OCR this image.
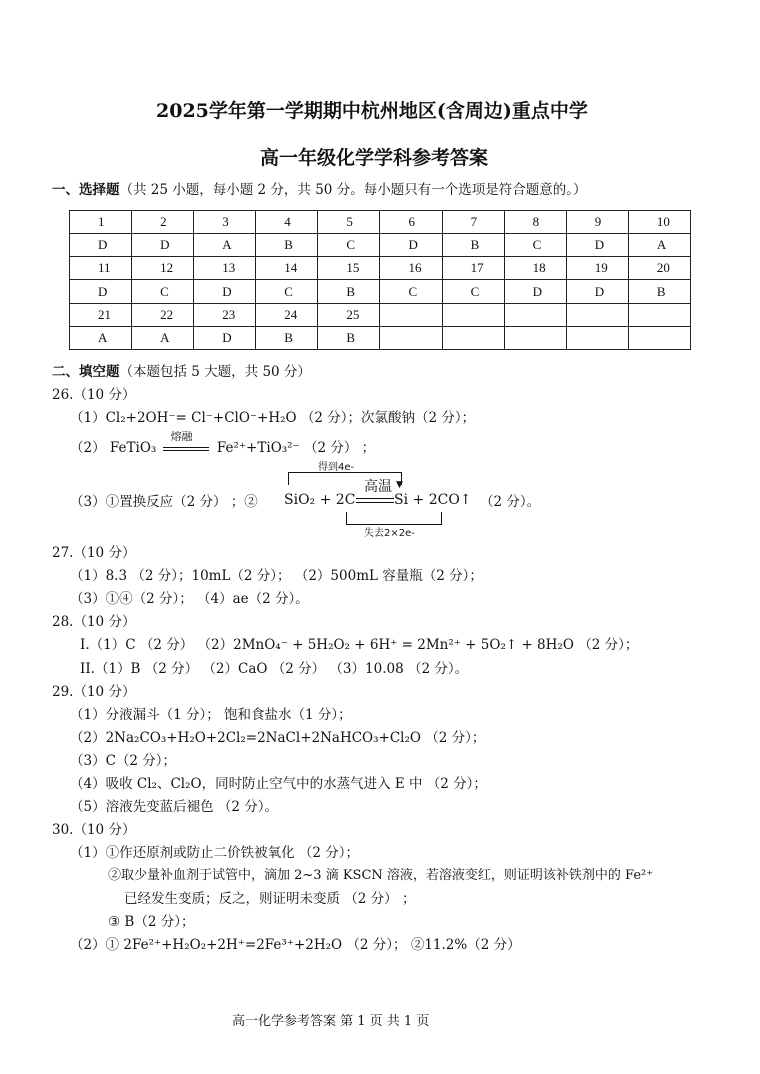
2025学年第一学期期中杭州地区(含周边)重点中学
高一年级化学学科参考答案
一、选择题（共 25 小题，每小题 2 分，共 50 分。每小题只有一个选项是符合题意的。）
1	2	3	4	5	6	7	8	9	10
D	D	A	B	C	D	B	C	D	A
11	12	13	14	15	16	17	18	19	20
D	C	D	C	B	C	C	D	D	B
21	22	23	24	25					
A	A	D	B	B					
二、填空题（本题包括 5 大题，共 50 分）
26.（10 分）
（1）Cl₂+2OH⁻= Cl⁻+ClO⁻+H₂O （2 分）；次氯酸钠（2 分）；
（2） FeTiO₃
熔融
Fe²⁺+TiO₃²⁻ （2 分） ；
（3）①置换反应（2 分） ；②
得到4e-
▼
SiO₂ + 2C
高温
Si + 2CO↑
失去2×2e-
（2 分）。
27.（10 分）
（1）8.3 （2 分）；10mL（2 分）； （2）500mL 容量瓶（2 分）；
（3）①④（2 分）； （4）ae（2 分）。
28.（10 分）
I.（1）C （2 分） （2）2MnO₄⁻ + 5H₂O₂ + 6H⁺ = 2Mn²⁺ + 5O₂↑ + 8H₂O （2 分）；
II.（1）B （2 分） （2）CaO （2 分） （3）10.08 （2 分）。
29.（10 分）
（1）分液漏斗（1 分）； 饱和食盐水（1 分）；
（2）2Na₂CO₃+H₂O+2Cl₂=2NaCl+2NaHCO₃+Cl₂O （2 分）；
（3）C（2 分）；
（4）吸收 Cl₂、Cl₂O，同时防止空气中的水蒸气进入 E 中 （2 分）；
（5）溶液先变蓝后褪色 （2 分）。
30.（10 分）
（1）①作还原剂或防止二价铁被氧化 （2 分）；
②取少量补血剂于试管中，滴加 2~3 滴 KSCN 溶液，若溶液变红，则证明该补铁剂中的 Fe²⁺
已经发生变质；反之，则证明未变质 （2 分） ；
③ B（2 分）；
（2）① 2Fe²⁺+H₂O₂+2H⁺=2Fe³⁺+2H₂O （2 分）； ②11.2%（2 分）
高一化学参考答案 第 1 页 共 1 页
